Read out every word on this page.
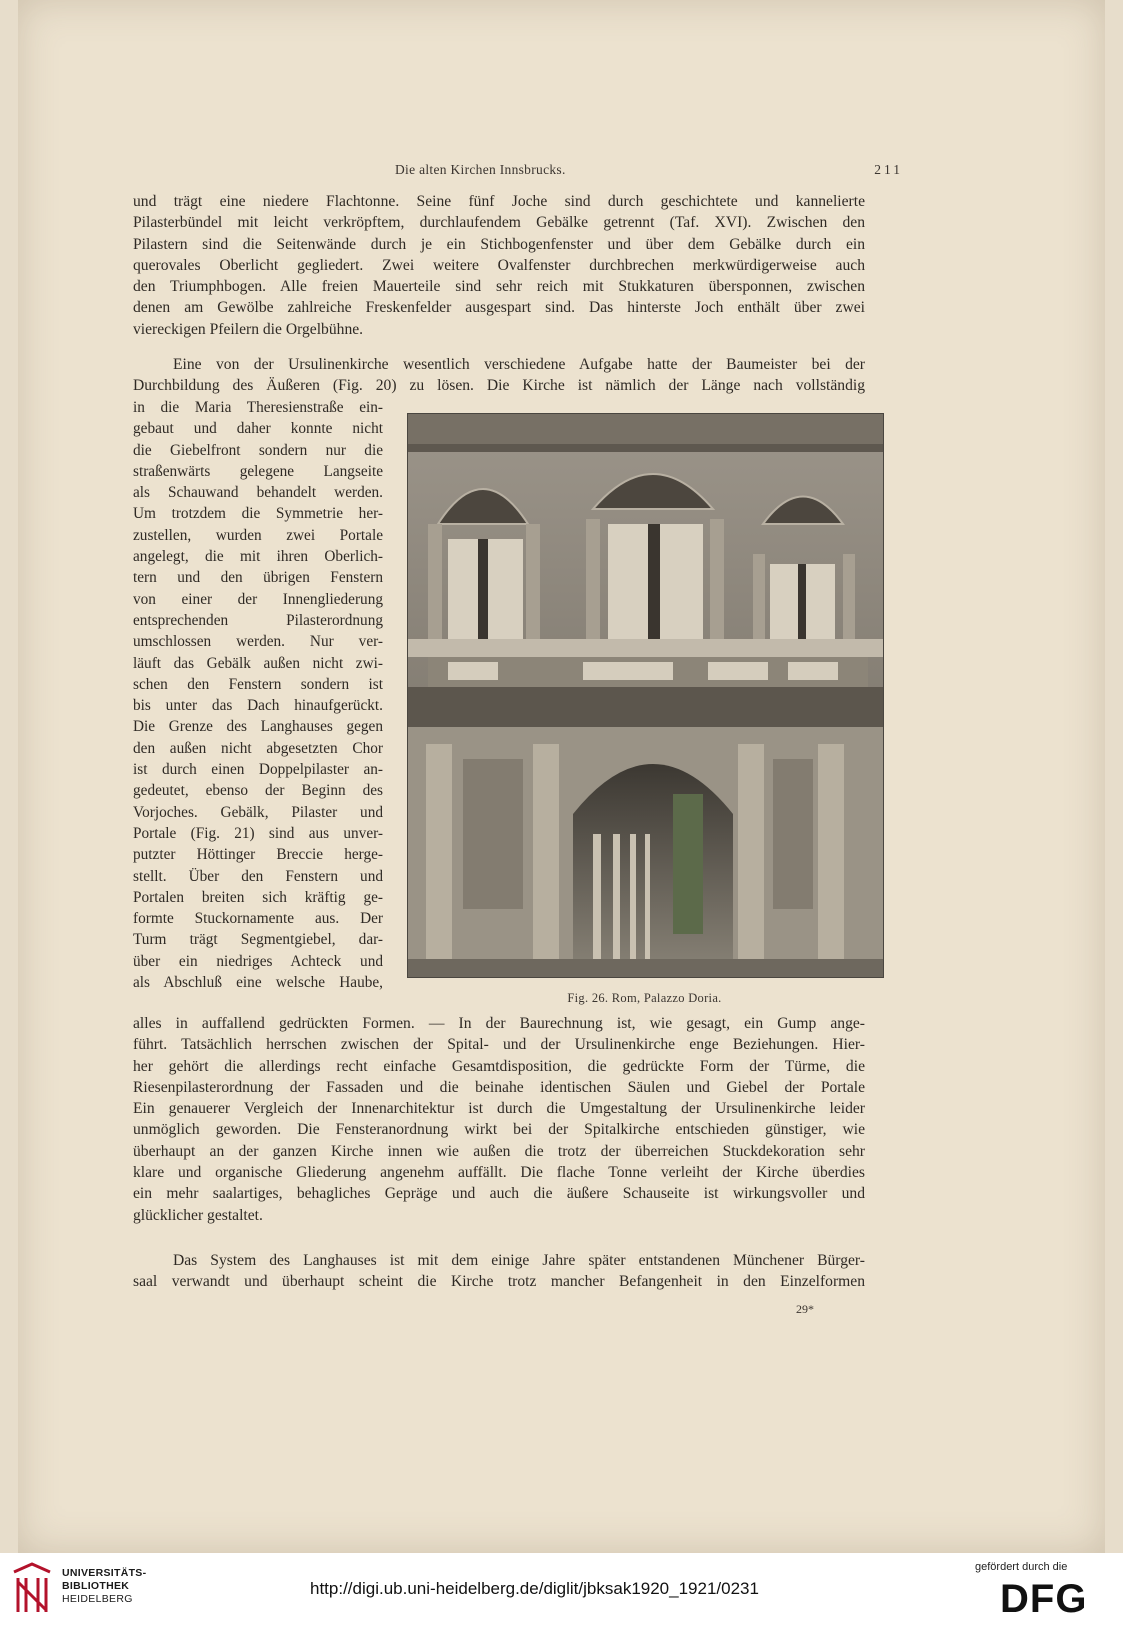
Die alten Kirchen Innsbrucks.	211
und trägt eine niedere Flachtonne. Seine fünf Joche sind durch geschichtete und kannelierte
Pilasterbündel mit leicht verkröpftem, durchlaufendem Gebälke getrennt (Taf. XVI). Zwischen den
Pilastern sind die Seitenwände durch je ein Stichbogenfenster und über dem Gebälke durch ein
querovales Oberlicht gegliedert. Zwei weitere Ovalfenster durchbrechen merkwürdigerweise auch
den Triumphbogen. Alle freien Mauerteile sind sehr reich mit Stukkaturen übersponnen, zwischen
denen am Gewölbe zahlreiche Freskenfelder ausgespart sind. Das hinterste Joch enthält über zwei
viereckigen Pfeilern die Orgelbühne.
Eine von der Ursulinenkirche wesentlich verschiedene Aufgabe hatte der Baumeister bei der
Durchbildung des Äußeren (Fig. 20) zu lösen. Die Kirche ist nämlich der Länge nach vollständig
in die Maria Theresienstraße ein-
gebaut und daher konnte nicht
die Giebelfront sondern nur die
straßenwärts gelegene Langseite
als Schauwand behandelt werden.
Um trotzdem die Symmetrie her-
zustellen, wurden zwei Portale
angelegt, die mit ihren Oberlich-
tern und den übrigen Fenstern
von einer der Innengliederung
entsprechenden Pilasterordnung
umschlossen werden. Nur ver-
läuft das Gebälk außen nicht zwi-
schen den Fenstern sondern ist
bis unter das Dach hinaufgerückt.
Die Grenze des Langhauses gegen
den außen nicht abgesetzten Chor
ist durch einen Doppelpilaster an-
gedeutet, ebenso der Beginn des
Vorjoches. Gebälk, Pilaster und
Portale (Fig. 21) sind aus unver-
putzter Höttinger Breccie herge-
stellt. Über den Fenstern und
Portalen breiten sich kräftig ge-
formte Stuckornamente aus. Der
Turm trägt Segmentgiebel, dar-
über ein niedriges Achteck und
als Abschluß eine welsche Haube,
Fig. 26. Rom, Palazzo Doria.
alles in auffallend gedrückten Formen. — In der Baurechnung ist, wie gesagt, ein Gump ange-
führt. Tatsächlich herrschen zwischen der Spital- und der Ursulinenkirche enge Beziehungen. Hier-
her gehört die allerdings recht einfache Gesamtdisposition, die gedrückte Form der Türme, die
Riesenpilasterordnung der Fassaden und die beinahe identischen Säulen und Giebel der Portale
Ein genauerer Vergleich der Innenarchitektur ist durch die Umgestaltung der Ursulinenkirche leider
unmöglich geworden. Die Fensteranordnung wirkt bei der Spitalkirche entschieden günstiger, wie
überhaupt an der ganzen Kirche innen wie außen die trotz der überreichen Stuckdekoration sehr
klare und organische Gliederung angenehm auffällt. Die flache Tonne verleiht der Kirche überdies
ein mehr saalartiges, behagliches Gepräge und auch die äußere Schauseite ist wirkungsvoller und
glücklicher gestaltet.
Das System des Langhauses ist mit dem einige Jahre später entstandenen Münchener Bürger-
saal verwandt und überhaupt scheint die Kirche trotz mancher Befangenheit in den Einzelformen
29*
UNIVERSITÄTS-
BIBLIOTHEK
HEIDELBERG
http://digi.ub.uni-heidelberg.de/diglit/jbksak1920_1921/0231
gefördert durch die
DFG
